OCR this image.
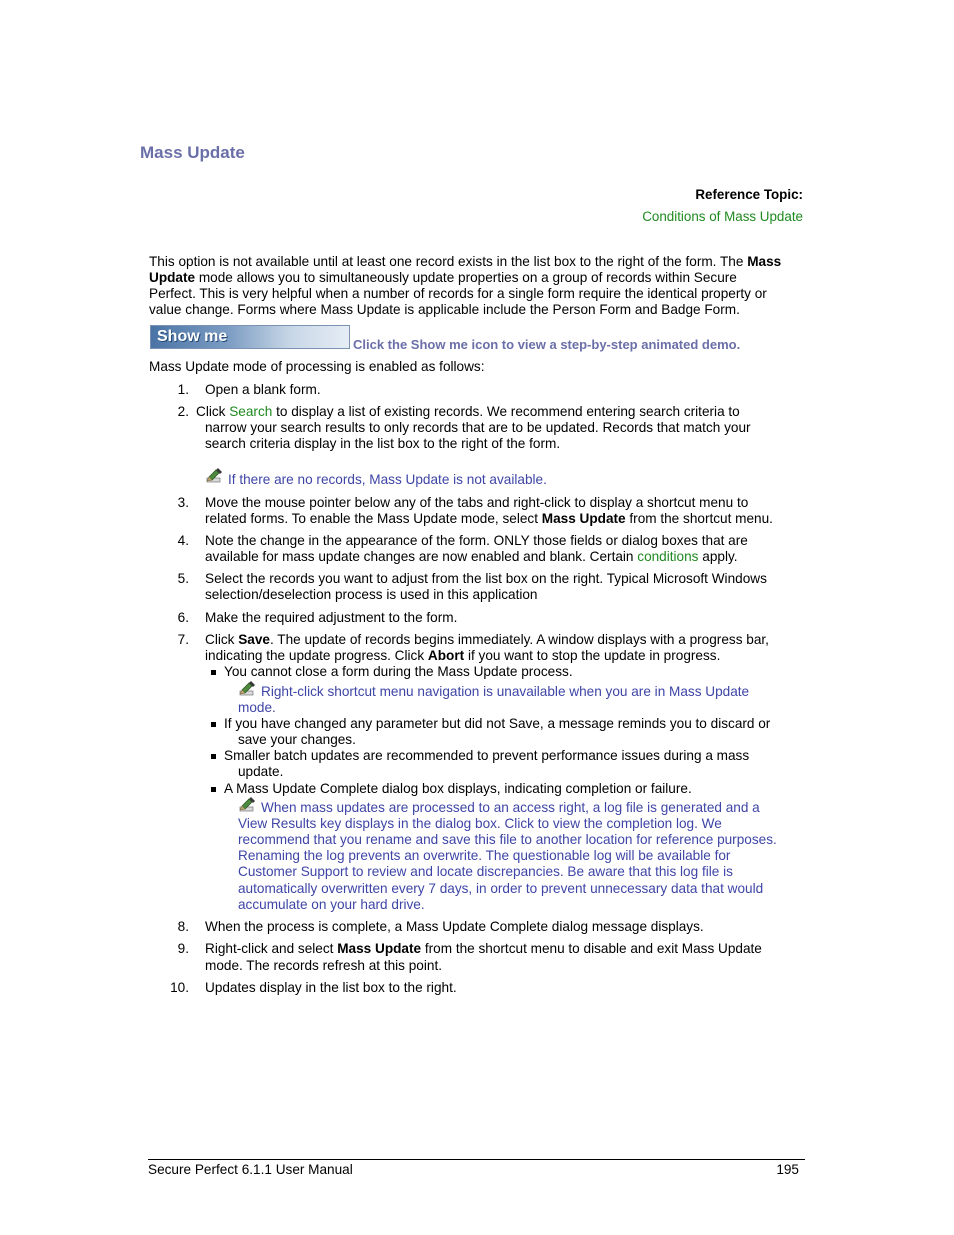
Mass Update
Reference Topic:
Conditions of Mass Update
This option is not available until at least one record exists in the list box to the right of the form. The Mass
Update mode allows you to simultaneously update properties on a group of records within Secure
Perfect. This is very helpful when a number of records for a single form require the identical property or
value change. Forms where Mass Update is applicable include the Person Form and Badge Form.
Show me	Click the Show me icon to view a step-by-step animated demo.
Mass Update mode of processing is enabled as follows:
1. Open a blank form.
2. Click Search to display a list of existing records. We recommend entering search criteria to
narrow your search results to only records that are to be updated. Records that match your
search criteria display in the list box to the right of the form.
If there are no records, Mass Update is not available.
3. Move the mouse pointer below any of the tabs and right-click to display a shortcut menu to
related forms. To enable the Mass Update mode, select Mass Update from the shortcut menu.
4. Note the change in the appearance of the form. ONLY those fields or dialog boxes that are
available for mass update changes are now enabled and blank. Certain conditions apply.
5. Select the records you want to adjust from the list box on the right. Typical Microsoft Windows
selection/deselection process is used in this application
6. Make the required adjustment to the form.
7. Click Save. The update of records begins immediately. A window displays with a progress bar,
indicating the update progress. Click Abort if you want to stop the update in progress.
You cannot close a form during the Mass Update process.
Right-click shortcut menu navigation is unavailable when you are in Mass Update
mode.
If you have changed any parameter but did not Save, a message reminds you to discard or
save your changes.
Smaller batch updates are recommended to prevent performance issues during a mass
update.
A Mass Update Complete dialog box displays, indicating completion or failure.
When mass updates are processed to an access right, a log file is generated and a
View Results key displays in the dialog box. Click to view the completion log. We
recommend that you rename and save this file to another location for reference purposes.
Renaming the log prevents an overwrite. The questionable log will be available for
Customer Support to review and locate discrepancies. Be aware that this log file is
automatically overwritten every 7 days, in order to prevent unnecessary data that would
accumulate on your hard drive.
8. When the process is complete, a Mass Update Complete dialog message displays.
9. Right-click and select Mass Update from the shortcut menu to disable and exit Mass Update
mode. The records refresh at this point.
10. Updates display in the list box to the right.
Secure Perfect 6.1.1 User Manual	195
